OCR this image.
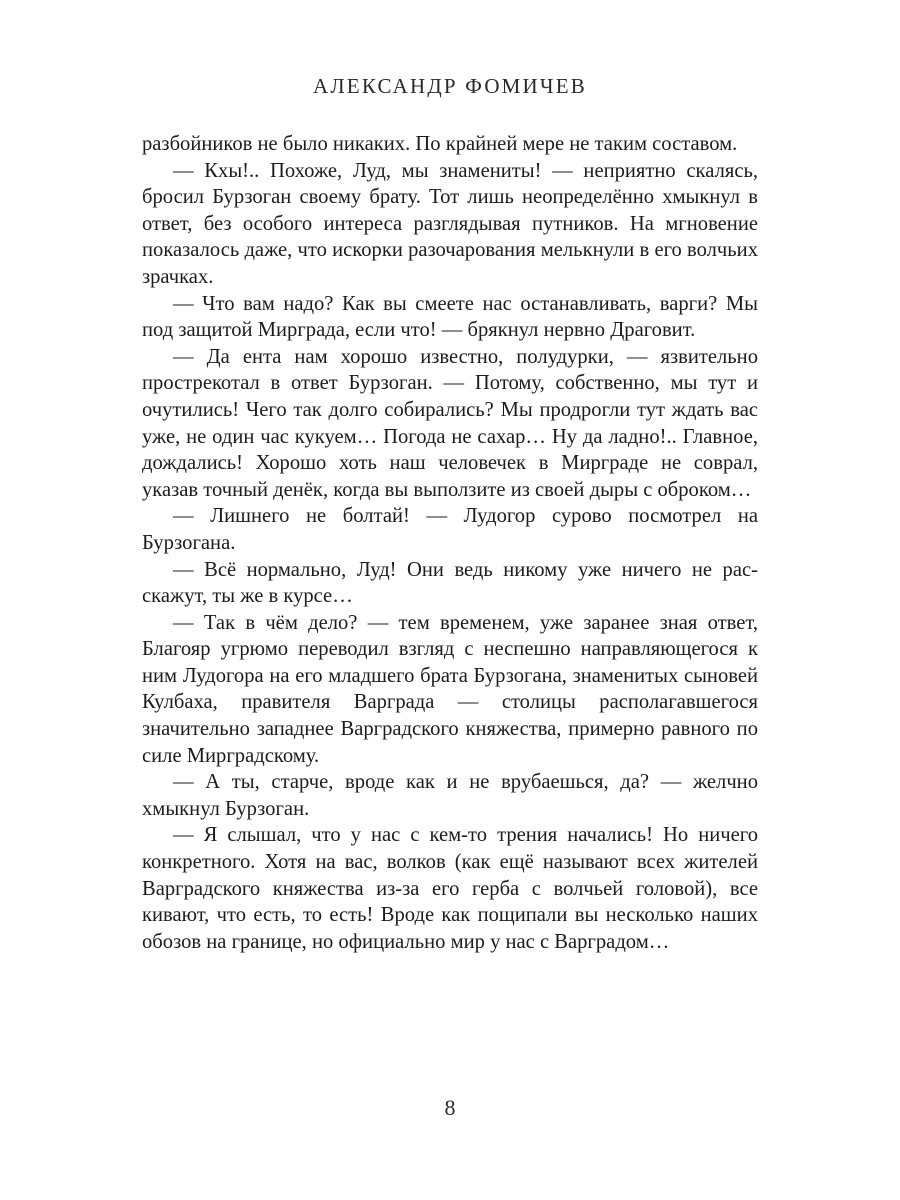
АЛЕКСАНДР ФОМИЧЕВ

разбойников не было никаких. По крайней мере не таким составом.

— Кхы!.. Похоже, Луд, мы знамениты! — неприятно скалясь, бросил Бурзоган своему брату. Тот лишь неопределённо хмыкнул в ответ, без особого интереса разглядывая путников. На мгновение показалось даже, что искорки разочарования мелькнули в его волчьих зрачках.

— Что вам надо? Как вы смеете нас останавливать, варги? Мы под защитой Мирграда, если что! — брякнул нервно Драговит.

— Да ента нам хорошо известно, полудурки, — язвительно прострекотал в ответ Бурзоган. — Потому, собственно, мы тут и очутились! Чего так долго собирались? Мы продрогли тут ждать вас уже, не один час кукуем… Погода не сахар… Ну да ладно!.. Главное, дождались! Хорошо хоть наш человечек в Мирграде не соврал, указав точный денёк, когда вы выползите из своей дыры с оброком…

— Лишнего не болтай! — Лудогор сурово посмотрел на Бурзогана.

— Всё нормально, Луд! Они ведь никому уже ничего не расскажут, ты же в курсе…

— Так в чём дело? — тем временем, уже заранее зная ответ, Благояр угрюмо переводил взгляд с неспешно направляющегося к ним Лудогора на его младшего брата Бурзогана, знаменитых сыновей Кулбаха, правителя Варграда — столицы располагавшегося значительно западнее Варградского княжества, примерно равного по силе Мирградскому.

— А ты, старче, вроде как и не врубаешься, да? — желчно хмыкнул Бурзоган.

— Я слышал, что у нас с кем-то трения начались! Но ничего конкретного. Хотя на вас, волков (как ещё называют всех жителей Варградского княжества из-за его герба с волчьей головой), все кивают, что есть, то есть! Вроде как пощипали вы несколько наших обозов на границе, но официально мир у нас с Варградом…

8
